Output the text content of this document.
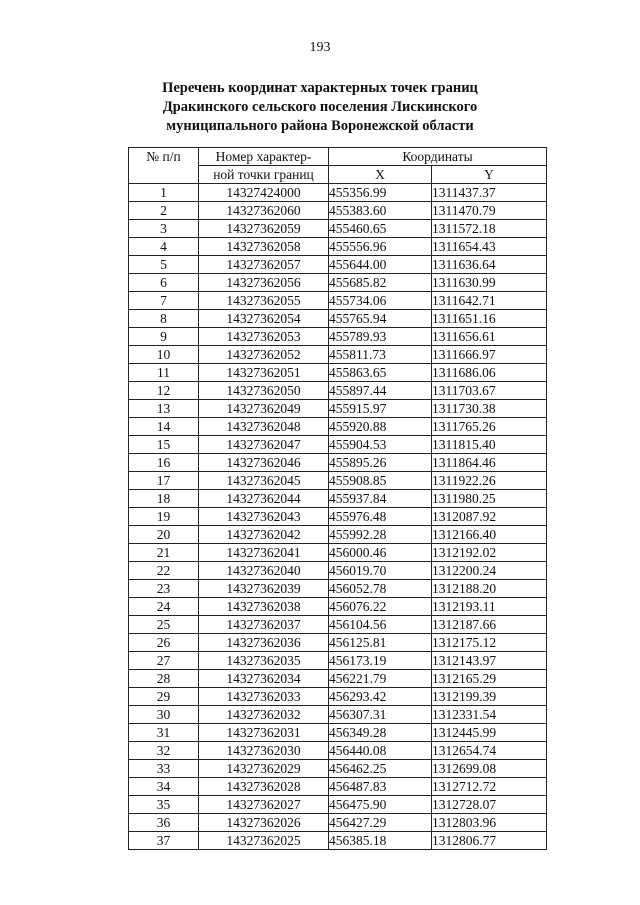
193
Перечень координат характерных точек границ
Дракинского сельского поселения Лискинского
муниципального района Воронежской области
№ п/п	Номер характер-	Координаты	
	ной точки границ	X	Y
1	14327424000	455356.99	1311437.37
2	14327362060	455383.60	1311470.79
3	14327362059	455460.65	1311572.18
4	14327362058	455556.96	1311654.43
5	14327362057	455644.00	1311636.64
6	14327362056	455685.82	1311630.99
7	14327362055	455734.06	1311642.71
8	14327362054	455765.94	1311651.16
9	14327362053	455789.93	1311656.61
10	14327362052	455811.73	1311666.97
11	14327362051	455863.65	1311686.06
12	14327362050	455897.44	1311703.67
13	14327362049	455915.97	1311730.38
14	14327362048	455920.88	1311765.26
15	14327362047	455904.53	1311815.40
16	14327362046	455895.26	1311864.46
17	14327362045	455908.85	1311922.26
18	14327362044	455937.84	1311980.25
19	14327362043	455976.48	1312087.92
20	14327362042	455992.28	1312166.40
21	14327362041	456000.46	1312192.02
22	14327362040	456019.70	1312200.24
23	14327362039	456052.78	1312188.20
24	14327362038	456076.22	1312193.11
25	14327362037	456104.56	1312187.66
26	14327362036	456125.81	1312175.12
27	14327362035	456173.19	1312143.97
28	14327362034	456221.79	1312165.29
29	14327362033	456293.42	1312199.39
30	14327362032	456307.31	1312331.54
31	14327362031	456349.28	1312445.99
32	14327362030	456440.08	1312654.74
33	14327362029	456462.25	1312699.08
34	14327362028	456487.83	1312712.72
35	14327362027	456475.90	1312728.07
36	14327362026	456427.29	1312803.96
37	14327362025	456385.18	1312806.77
